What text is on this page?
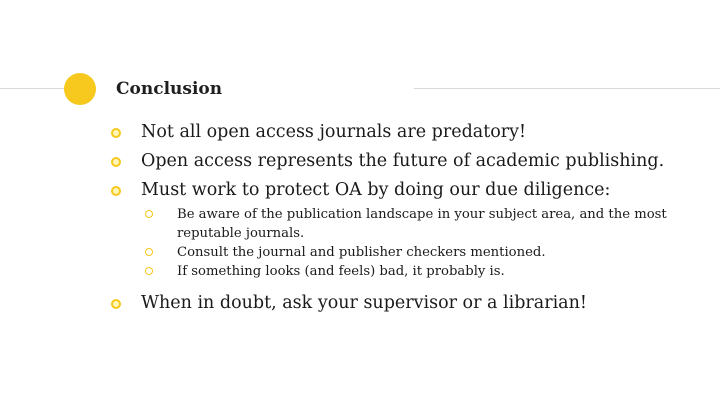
Conclusion
Not all open access journals are predatory!
Open access represents the future of academic publishing.
Must work to protect OA by doing our due diligence:
Be aware of the publication landscape in your subject area, and the most reputable journals.
Consult the journal and publisher checkers mentioned.
If something looks (and feels) bad, it probably is.
When in doubt, ask your supervisor or a librarian!
